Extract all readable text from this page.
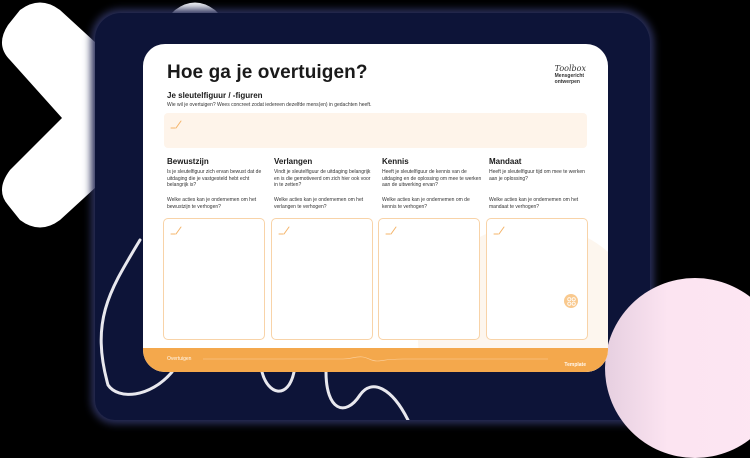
Hoe ga je overtuigen?	Toolbox
Mensgericht
ontwerpen
Je sleutelfiguur / -figuren
Wie wil je overtuigen? Wees concreet zodat iedereen dezelfde mens(en) in gedachten heeft.
Bewustzijn
Is je sleutelfiguur zich ervan bewust dat de uitdaging die je vastgesteld hebt echt belangrijk is?
Welke acties kan je ondernemen om het bewustzijn te verhogen?
Verlangen
Vindt je sleutelfiguur de uitdaging belangrijk en is die gemotiveerd om zich hier ook voor in te zetten?
Welke acties kan je ondernemen om het verlangen te verhogen?
Kennis
Heeft je sleutelfiguur de kennis van de uitdaging en de oplossing om mee te werken aan de uitwerking ervan?
Welke acties kan je ondernemen om de kennis te verhogen?
Mandaat
Heeft je sleutelfiguur tijd om mee te werken aan je oplossing?
Welke acties kan je ondernemen om het mandaat te verhogen?
Overtuigen
Template
